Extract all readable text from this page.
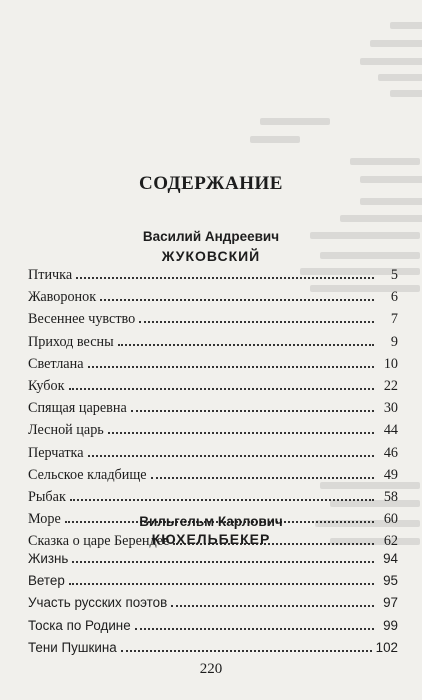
СОДЕРЖАНИЕ
Василий Андреевич
ЖУКОВСКИЙ
Птичка	5
Жаворонок	6
Весеннее чувство	7
Приход весны	9
Светлана	10
Кубок	22
Спящая царевна	30
Лесной царь	44
Перчатка	46
Сельское кладбище	49
Рыбак	58
Море	60
Сказка о царе Берендее	62
Вильгельм Карлович
КЮХЕЛЬБЕКЕР
Жизнь	94
Ветер	95
Участь русских поэтов	97
Тоска по Родине	99
Тени Пушкина	102
220
